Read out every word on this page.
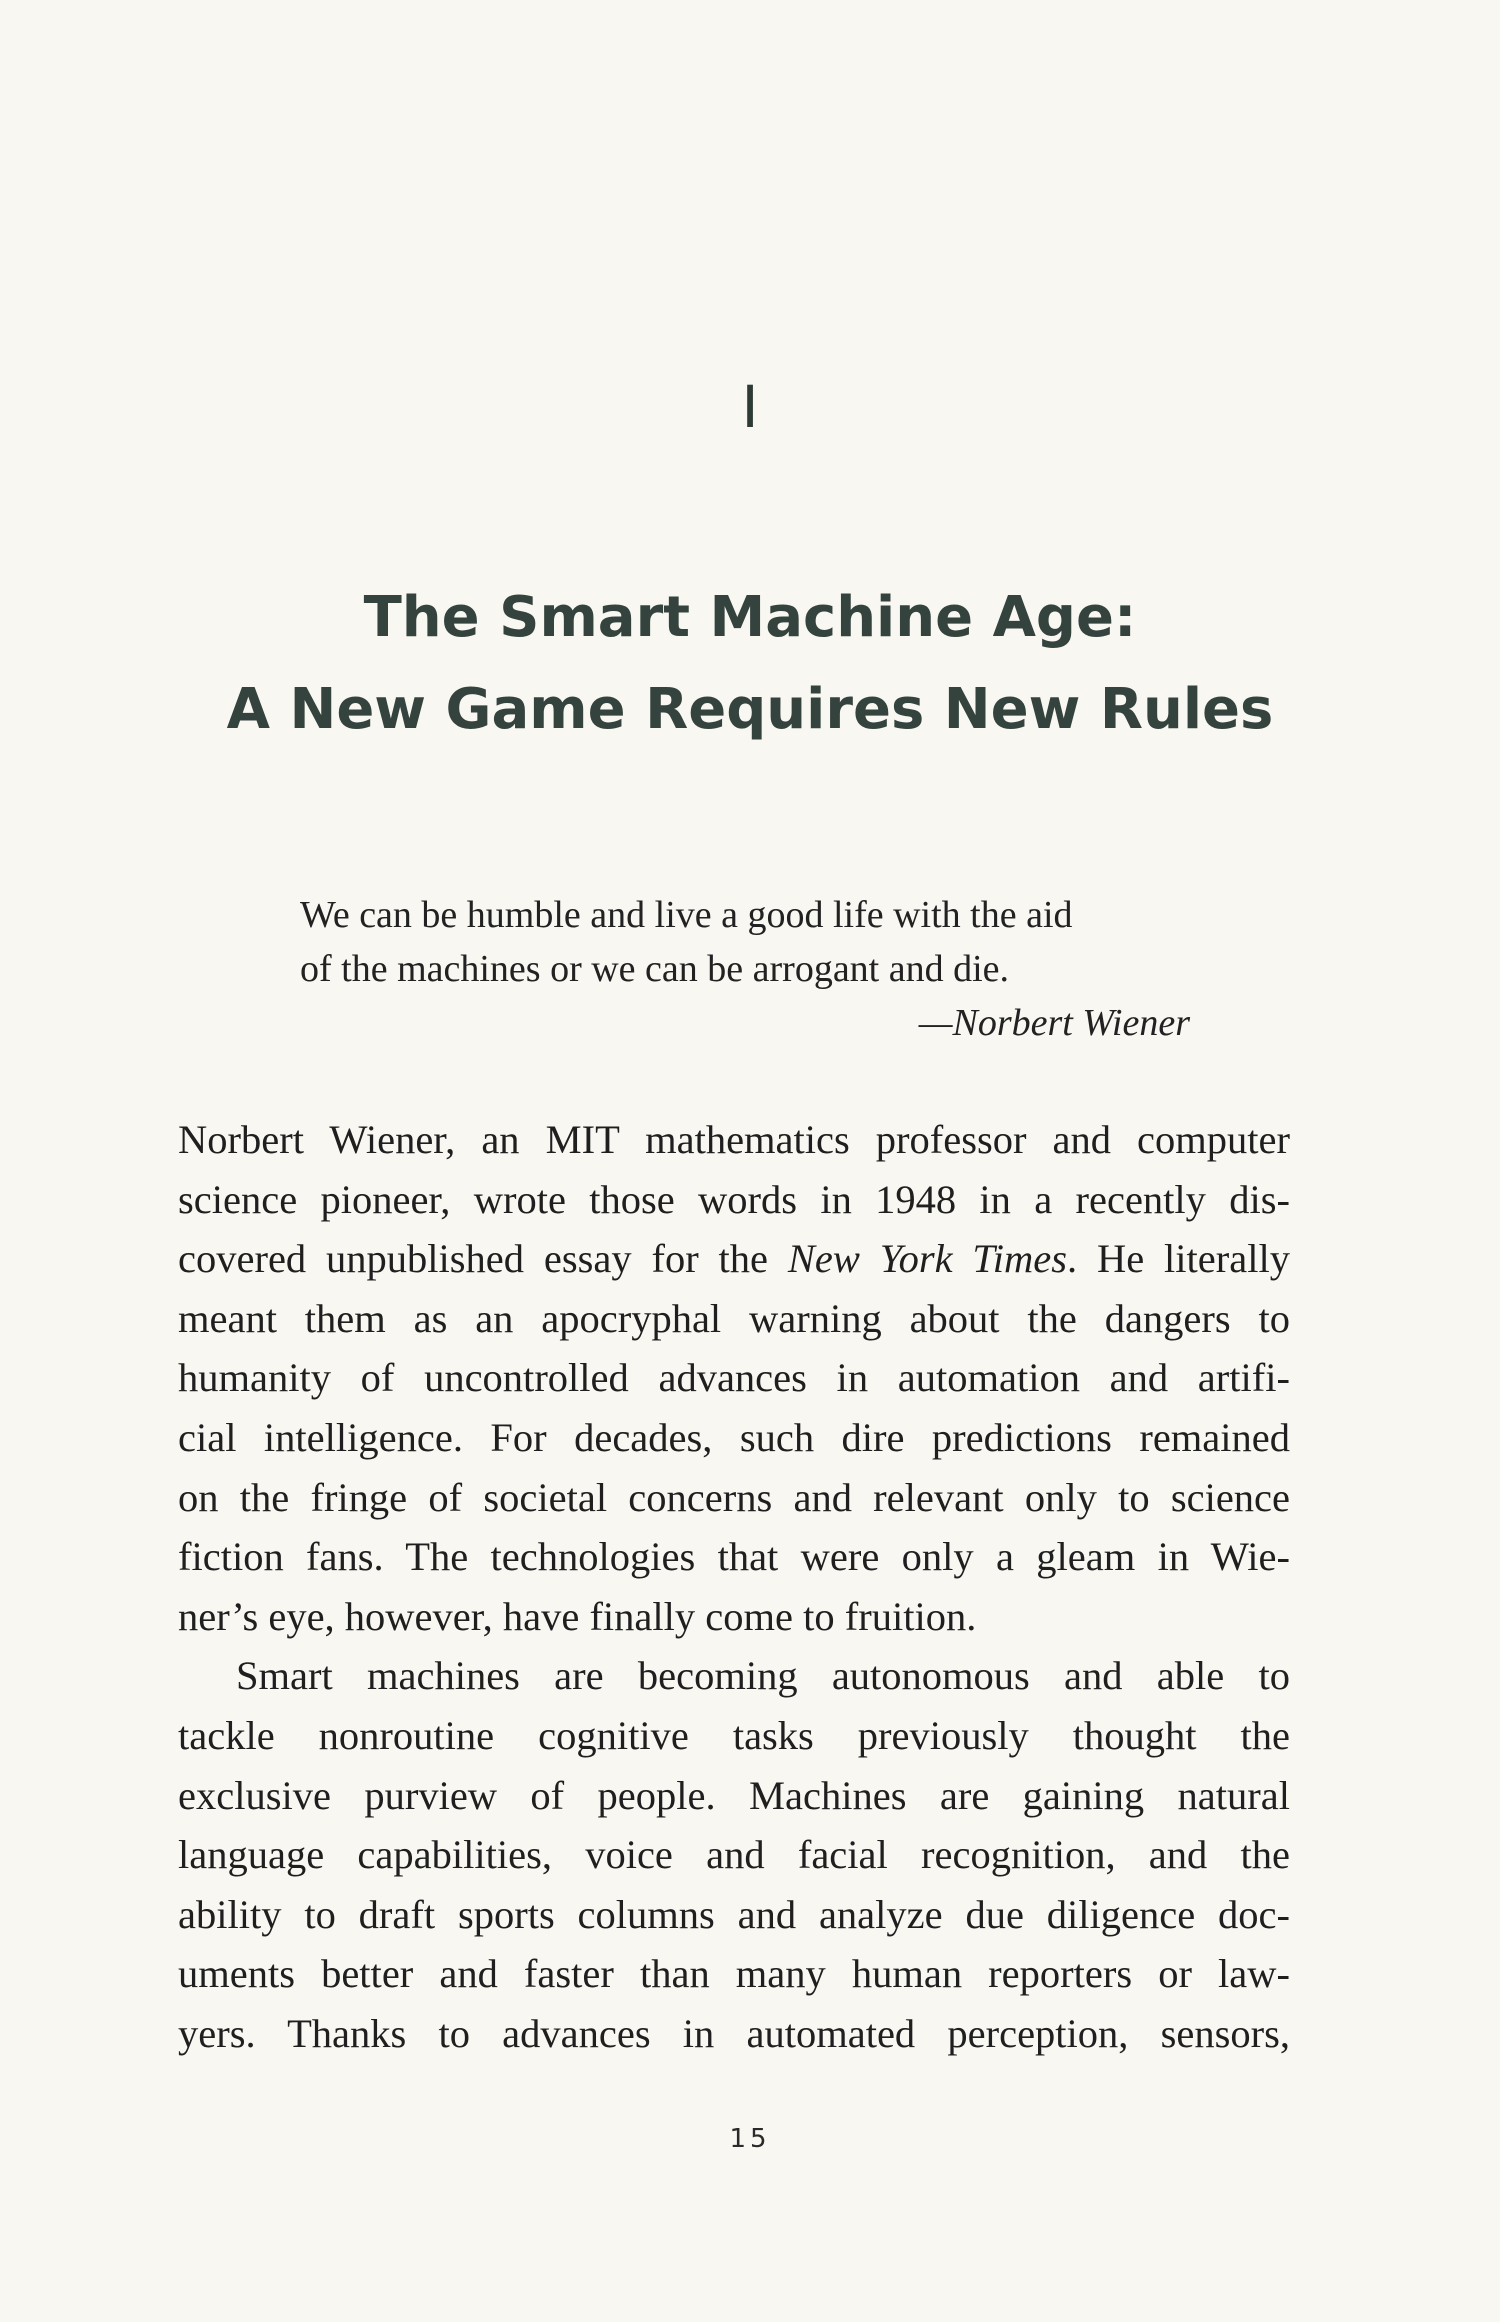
I
The Smart Machine Age:
A New Game Requires New Rules
We can be humble and live a good life with the aid
of the machines or we can be arrogant and die.
—Norbert Wiener
Norbert Wiener, an MIT mathematics professor and computer
science pioneer, wrote those words in 1948 in a recently dis-
covered unpublished essay for the New York Times. He literally
meant them as an apocryphal warning about the dangers to
humanity of uncontrolled advances in automation and artifi-
cial intelligence. For decades, such dire predictions remained
on the fringe of societal concerns and relevant only to science
fiction fans. The technologies that were only a gleam in Wie-
ner’s eye, however, have finally come to fruition.
Smart machines are becoming autonomous and able to
tackle nonroutine cognitive tasks previously thought the
exclusive purview of people. Machines are gaining natural
language capabilities, voice and facial recognition, and the
ability to draft sports columns and analyze due diligence doc-
uments better and faster than many human reporters or law-
yers. Thanks to advances in automated perception, sensors,
15
